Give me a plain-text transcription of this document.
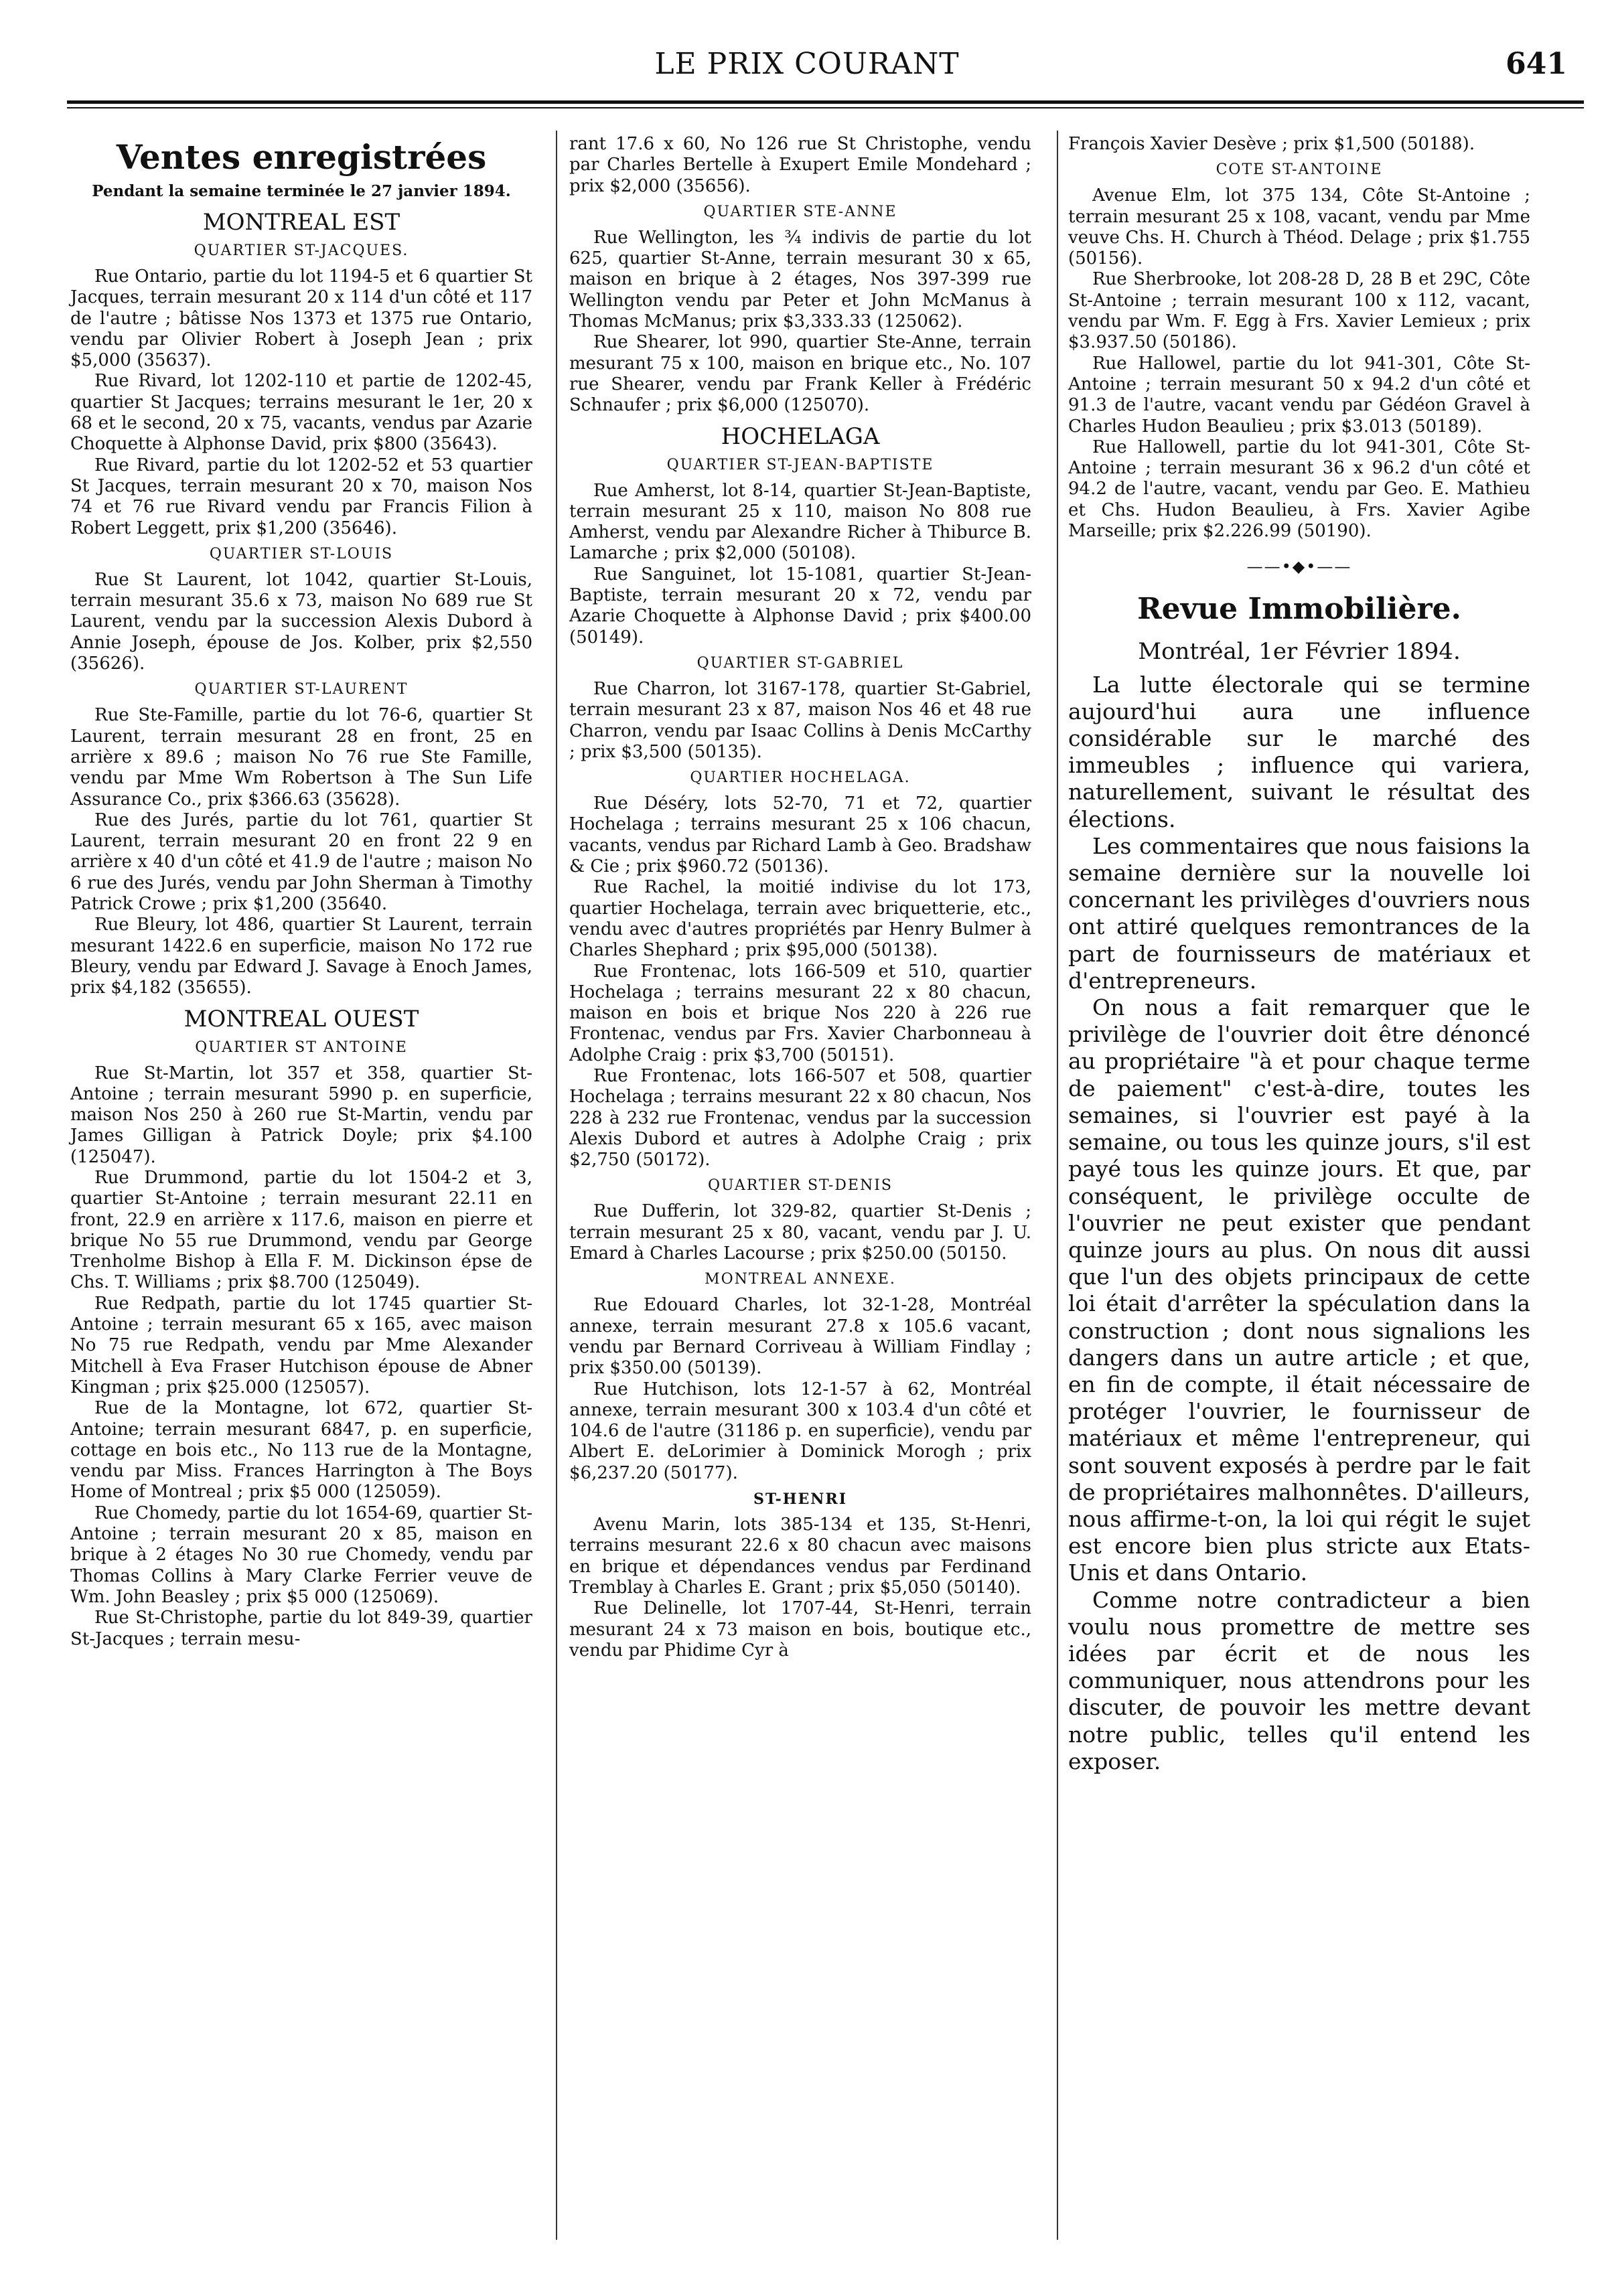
LE PRIX COURANT	641
Ventes enregistrées
Pendant la semaine terminée le 27 janvier 1894.
MONTREAL EST
QUARTIER ST-JACQUES.

Rue Ontario, partie du lot 1194-5 et 6 quartier St Jacques, terrain mesurant 20 x 114 d'un côté et 117 de l'autre ; bâtisse Nos 1373 et 1375 rue Ontario, vendu par Olivier Robert à Joseph Jean ; prix $5,000 (35637).

Rue Rivard, lot 1202-110 et partie de 1202-45, quartier St Jacques; terrains mesurant le 1er, 20 x 68 et le second, 20 x 75, vacants, vendus par Azarie Choquette à Alphonse David, prix $800 (35643).

Rue Rivard, partie du lot 1202-52 et 53 quartier St Jacques, terrain mesurant 20 x 70, maison Nos 74 et 76 rue Rivard vendu par Francis Filion à Robert Leggett, prix $1,200 (35646).

QUARTIER ST-LOUIS

Rue St Laurent, lot 1042, quartier St-Louis, terrain mesurant 35.6 x 73, maison No 689 rue St Laurent, vendu par la succession Alexis Dubord à Annie Joseph, épouse de Jos. Kolber, prix $2,550 (35626).

QUARTIER ST-LAURENT

Rue Ste-Famille, partie du lot 76-6, quartier St Laurent, terrain mesurant 28 en front, 25 en arrière x 89.6 ; maison No 76 rue Ste Famille, vendu par Mme Wm Robertson à The Sun Life Assurance Co., prix $366.63 (35628).

Rue des Jurés, partie du lot 761, quartier St Laurent, terrain mesurant 20 en front 22 9 en arrière x 40 d'un côté et 41.9 de l'autre ; maison No 6 rue des Jurés, vendu par John Sherman à Timothy Patrick Crowe ; prix $1,200 (35640.

Rue Bleury, lot 486, quartier St Laurent, terrain mesurant 1422.6 en superficie, maison No 172 rue Bleury, vendu par Edward J. Savage à Enoch James, prix $4,182 (35655).

MONTREAL OUEST
QUARTIER ST ANTOINE

Rue St-Martin, lot 357 et 358, quartier St-Antoine ; terrain mesurant 5990 p. en superficie, maison Nos 250 à 260 rue St-Martin, vendu par James Gilligan à Patrick Doyle; prix $4.100 (125047).

Rue Drummond, partie du lot 1504-2 et 3, quartier St-Antoine ; terrain mesurant 22.11 en front, 22.9 en arrière x 117.6, maison en pierre et brique No 55 rue Drummond, vendu par George Trenholme Bishop à Ella F. M. Dickinson épse de Chs. T. Williams ; prix $8.700 (125049).

Rue Redpath, partie du lot 1745 quartier St-Antoine ; terrain mesurant 65 x 165, avec maison No 75 rue Redpath, vendu par Mme Alexander Mitchell à Eva Fraser Hutchison épouse de Abner Kingman ; prix $25.000 (125057).

Rue de la Montagne, lot 672, quartier St-Antoine; terrain mesurant 6847, p. en superficie, cottage en bois etc., No 113 rue de la Montagne, vendu par Miss. Frances Harrington à The Boys Home of Montreal ; prix $5 000 (125059).

Rue Chomedy, partie du lot 1654-69, quartier St-Antoine ; terrain mesurant 20 x 85, maison en brique à 2 étages No 30 rue Chomedy, vendu par Thomas Collins à Mary Clarke Ferrier veuve de Wm. John Beasley ; prix $5 000 (125069).

Rue St-Christophe, partie du lot 849-39, quartier St-Jacques ; terrain mesu-

rant 17.6 x 60, No 126 rue St Christophe, vendu par Charles Bertelle à Exupert Emile Mondehard ; prix $2,000 (35656).

QUARTIER STE-ANNE

Rue Wellington, les ¾ indivis de partie du lot 625, quartier St-Anne, terrain mesurant 30 x 65, maison en brique à 2 étages, Nos 397-399 rue Wellington vendu par Peter et John McManus à Thomas McManus; prix $3,333.33 (125062).

Rue Shearer, lot 990, quartier Ste-Anne, terrain mesurant 75 x 100, maison en brique etc., No. 107 rue Shearer, vendu par Frank Keller à Frédéric Schnaufer ; prix $6,000 (125070).

HOCHELAGA
QUARTIER ST-JEAN-BAPTISTE

Rue Amherst, lot 8-14, quartier St-Jean-Baptiste, terrain mesurant 25 x 110, maison No 808 rue Amherst, vendu par Alexandre Richer à Thiburce B. Lamarche ; prix $2,000 (50108).

Rue Sanguinet, lot 15-1081, quartier St-Jean-Baptiste, terrain mesurant 20 x 72, vendu par Azarie Choquette à Alphonse David ; prix $400.00 (50149).

QUARTIER ST-GABRIEL

Rue Charron, lot 3167-178, quartier St-Gabriel, terrain mesurant 23 x 87, maison Nos 46 et 48 rue Charron, vendu par Isaac Collins à Denis McCarthy ; prix $3,500 (50135).

QUARTIER HOCHELAGA.

Rue Déséry, lots 52-70, 71 et 72, quartier Hochelaga ; terrains mesurant 25 x 106 chacun, vacants, vendus par Richard Lamb à Geo. Bradshaw & Cie ; prix $960.72 (50136).

Rue Rachel, la moitié indivise du lot 173, quartier Hochelaga, terrain avec briquetterie, etc., vendu avec d'autres propriétés par Henry Bulmer à Charles Shephard ; prix $95,000 (50138).

Rue Frontenac, lots 166-509 et 510, quartier Hochelaga ; terrains mesurant 22 x 80 chacun, maison en bois et brique Nos 220 à 226 rue Frontenac, vendus par Frs. Xavier Charbonneau à Adolphe Craig : prix $3,700 (50151).

Rue Frontenac, lots 166-507 et 508, quartier Hochelaga ; terrains mesurant 22 x 80 chacun, Nos 228 à 232 rue Frontenac, vendus par la succession Alexis Dubord et autres à Adolphe Craig ; prix $2,750 (50172).

QUARTIER ST-DENIS

Rue Dufferin, lot 329-82, quartier St-Denis ; terrain mesurant 25 x 80, vacant, vendu par J. U. Emard à Charles Lacourse ; prix $250.00 (50150.

MONTREAL ANNEXE.

Rue Edouard Charles, lot 32-1-28, Montréal annexe, terrain mesurant 27.8 x 105.6 vacant, vendu par Bernard Corriveau à William Findlay ; prix $350.00 (50139).

Rue Hutchison, lots 12-1-57 à 62, Montréal annexe, terrain mesurant 300 x 103.4 d'un côté et 104.6 de l'autre (31186 p. en superficie), vendu par Albert E. deLorimier à Dominick Morogh ; prix $6,237.20 (50177).

ST-HENRI

Avenu Marin, lots 385-134 et 135, St-Henri, terrains mesurant 22.6 x 80 chacun avec maisons en brique et dépendances vendus par Ferdinand Tremblay à Charles E. Grant ; prix $5,050 (50140).

Rue Delinelle, lot 1707-44, St-Henri, terrain mesurant 24 x 73 maison en bois, boutique etc., vendu par Phidime Cyr à

François Xavier Desève ; prix $1,500 (50188).

COTE ST-ANTOINE

Avenue Elm, lot 375 134, Côte St-Antoine ; terrain mesurant 25 x 108, vacant, vendu par Mme veuve Chs. H. Church à Théod. Delage ; prix $1.755 (50156).

Rue Sherbrooke, lot 208-28 D, 28 B et 29C, Côte St-Antoine ; terrain mesurant 100 x 112, vacant, vendu par Wm. F. Egg à Frs. Xavier Lemieux ; prix $3.937.50 (50186).

Rue Hallowel, partie du lot 941-301, Côte St-Antoine ; terrain mesurant 50 x 94.2 d'un côté et 91.3 de l'autre, vacant vendu par Gédéon Gravel à Charles Hudon Beaulieu ; prix $3.013 (50189).

Rue Hallowell, partie du lot 941-301, Côte St-Antoine ; terrain mesurant 36 x 96.2 d'un côté et 94.2 de l'autre, vacant, vendu par Geo. E. Mathieu et Chs. Hudon Beaulieu, à Frs. Xavier Agibe Marseille; prix $2.226.99 (50190).

——•◆•——
Revue Immobilière.
Montréal, 1er Février 1894.

La lutte électorale qui se termine aujourd'hui aura une influence considérable sur le marché des immeubles ; influence qui variera, naturellement, suivant le résultat des élections.

Les commentaires que nous faisions la semaine dernière sur la nouvelle loi concernant les privilèges d'ouvriers nous ont attiré quelques remontrances de la part de fournisseurs de matériaux et d'entrepreneurs.

On nous a fait remarquer que le privilège de l'ouvrier doit être dénoncé au propriétaire "à et pour chaque terme de paiement" c'est-à-dire, toutes les semaines, si l'ouvrier est payé à la semaine, ou tous les quinze jours, s'il est payé tous les quinze jours. Et que, par conséquent, le privilège occulte de l'ouvrier ne peut exister que pendant quinze jours au plus. On nous dit aussi que l'un des objets principaux de cette loi était d'arrêter la spéculation dans la construction ; dont nous signalions les dangers dans un autre article ; et que, en fin de compte, il était nécessaire de protéger l'ouvrier, le fournisseur de matériaux et même l'entrepreneur, qui sont souvent exposés à perdre par le fait de propriétaires malhonnêtes. D'ailleurs, nous affirme-t-on, la loi qui régit le sujet est encore bien plus stricte aux Etats-Unis et dans Ontario.

Comme notre contradicteur a bien voulu nous promettre de mettre ses idées par écrit et de nous les communiquer, nous attendrons pour les discuter, de pouvoir les mettre devant notre public, telles qu'il entend les exposer.
